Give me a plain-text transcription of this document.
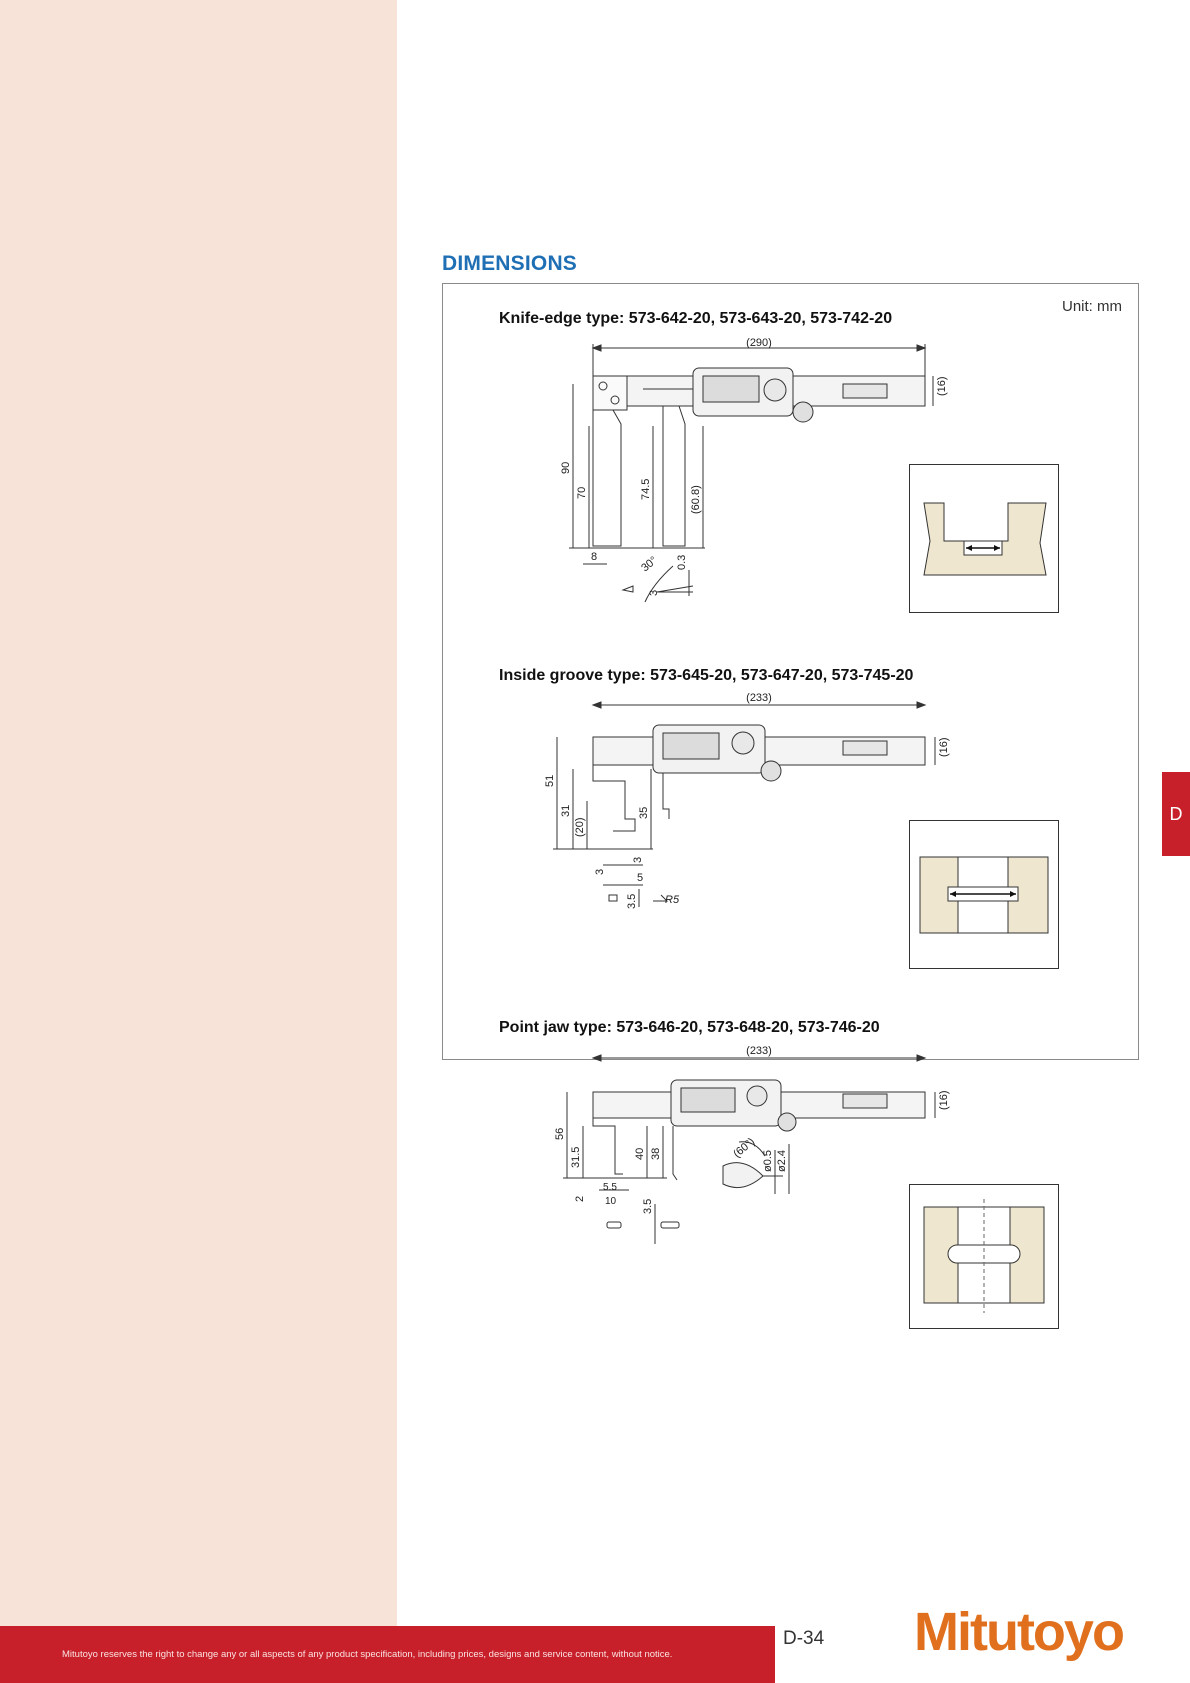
DIMENSIONS
Unit: mm
Knife-edge type: 573-642-20, 573-643-20, 573-742-20
(290)
(16)
90
70	74.5	(60.8)
8	30°
3
0.3
Inside groove type: 573-645-20, 573-647-20, 573-745-20
(233)
(16)
51
31
(20)
35
3
3
5
3.5 R5
Point jaw type: 573-646-20, 573-648-20, 573-746-20
(233)
(16)
56
31.5	40 38
2
5.5
10 3.5
(60°)
ø0.5 ø2.4
D
Mitutoyo reserves the right to change any or all aspects of any product specification, including prices, designs and service content, without notice.
D-34 Mitutoyo
